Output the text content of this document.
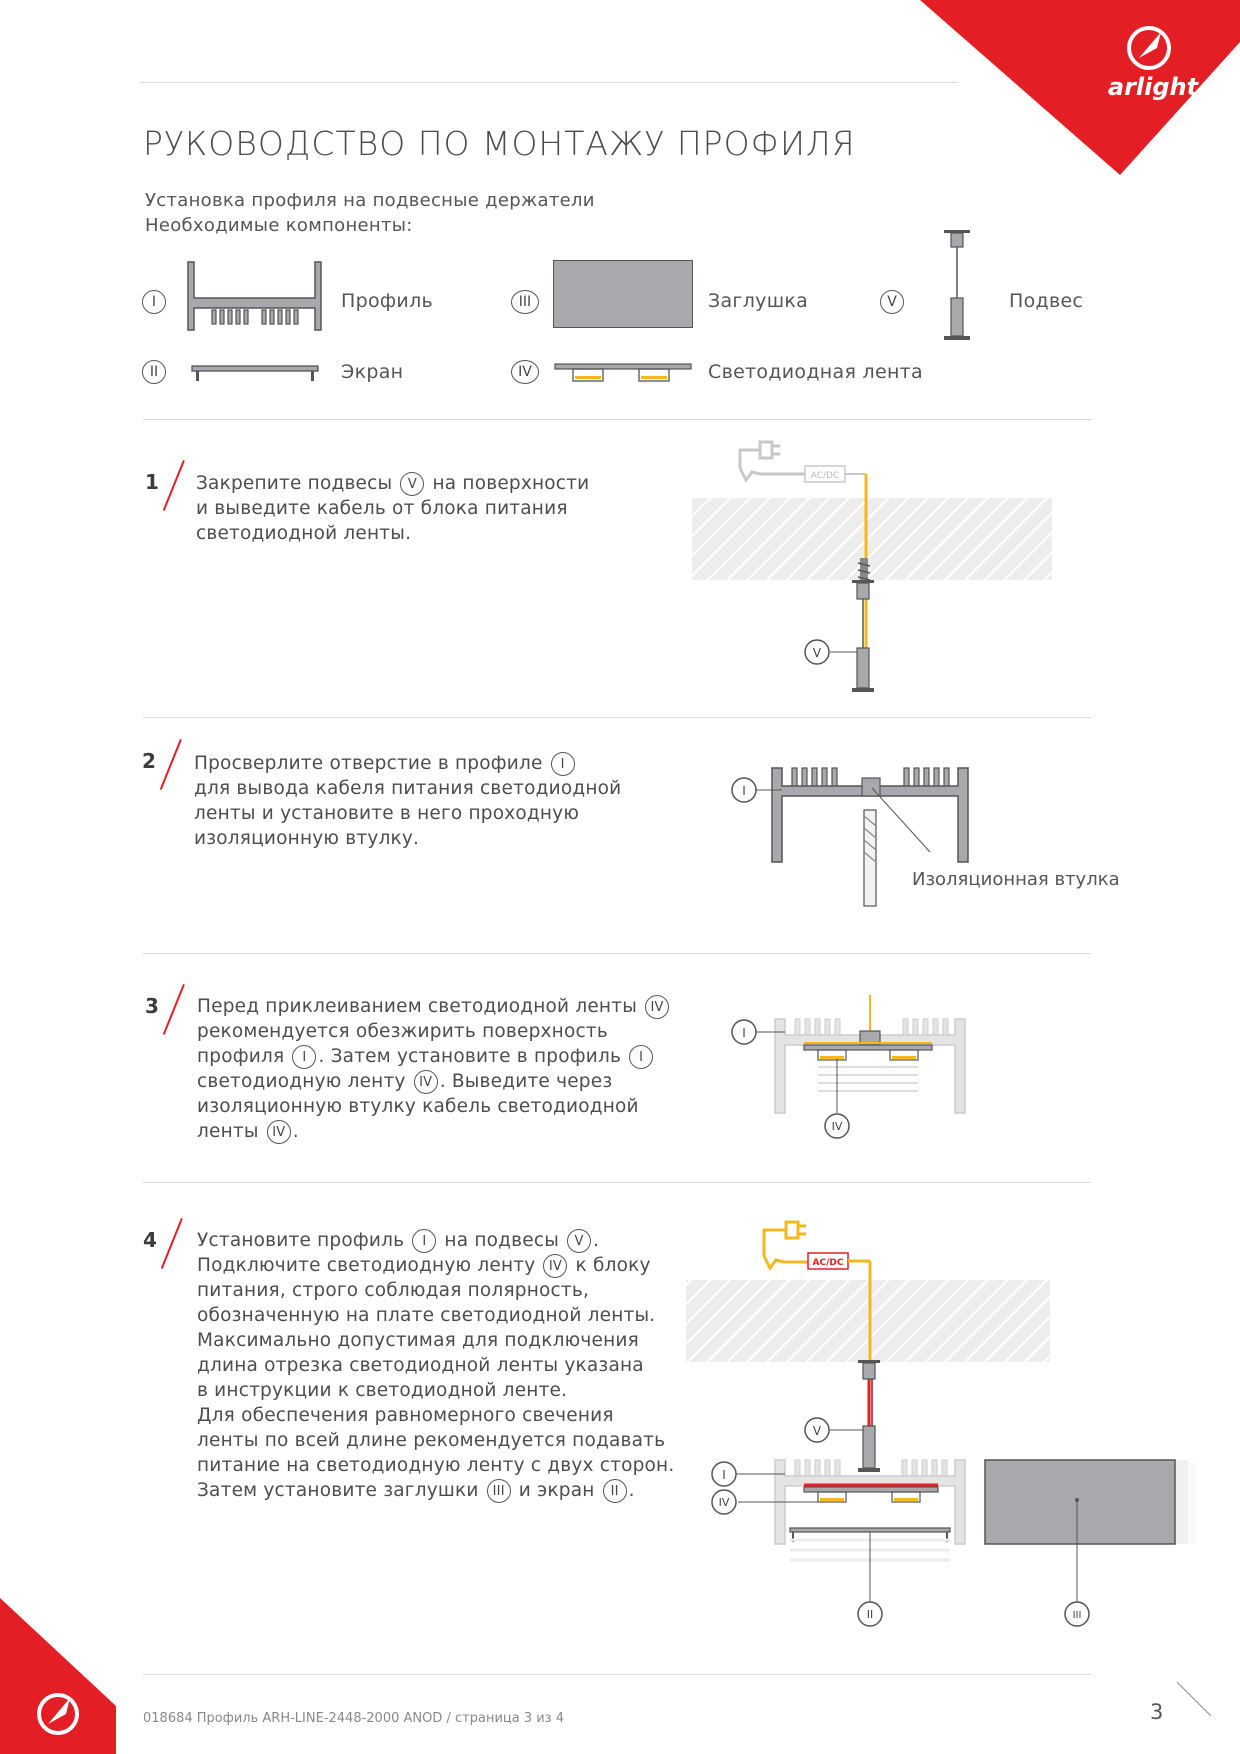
arlight
РУКОВОДСТВО ПО МОНТАЖУ ПРОФИЛЯ
Установка профиля на подвесные держатели
Необходимые компоненты:
I	Профиль
II	Экран
III	Заглушка
IV	Светодиодная лента
V	Подвес
1 Закрепите подвесы V на поверхности
и выведите кабель от блока питания
светодиодной ленты.
AC/DC
V
2 Просверлите отверстие в профиле I
для вывода кабеля питания светодиодной
ленты и установите в него проходную
изоляционную втулку.
I
Изоляционная втулка
3 Перед приклеиванием светодиодной ленты IV
рекомендуется обезжирить поверхность
профиля I . Затем установите в профиль I
светодиодную ленту IV . Выведите через
изоляционную втулку кабель светодиодной
ленты IV .
I
IV
4 Установите профиль I на подвесы V .
Подключите светодиодную ленту IV к блоку
питания, строго соблюдая полярность,
обозначенную на плате светодиодной ленты.
Максимально допустимая для подключения
длина отрезка светодиодной ленты указана
в инструкции к светодиодной ленте.
Для обеспечения равномерного свечения
ленты по всей длине рекомендуется подавать
питание на светодиодную ленту с двух сторон.
Затем установите заглушки III и экран II .
AC/DC
V
I
IV
II	III
018684 Профиль ARH-LINE-2448-2000 ANOD / страница 3 из 4	3
